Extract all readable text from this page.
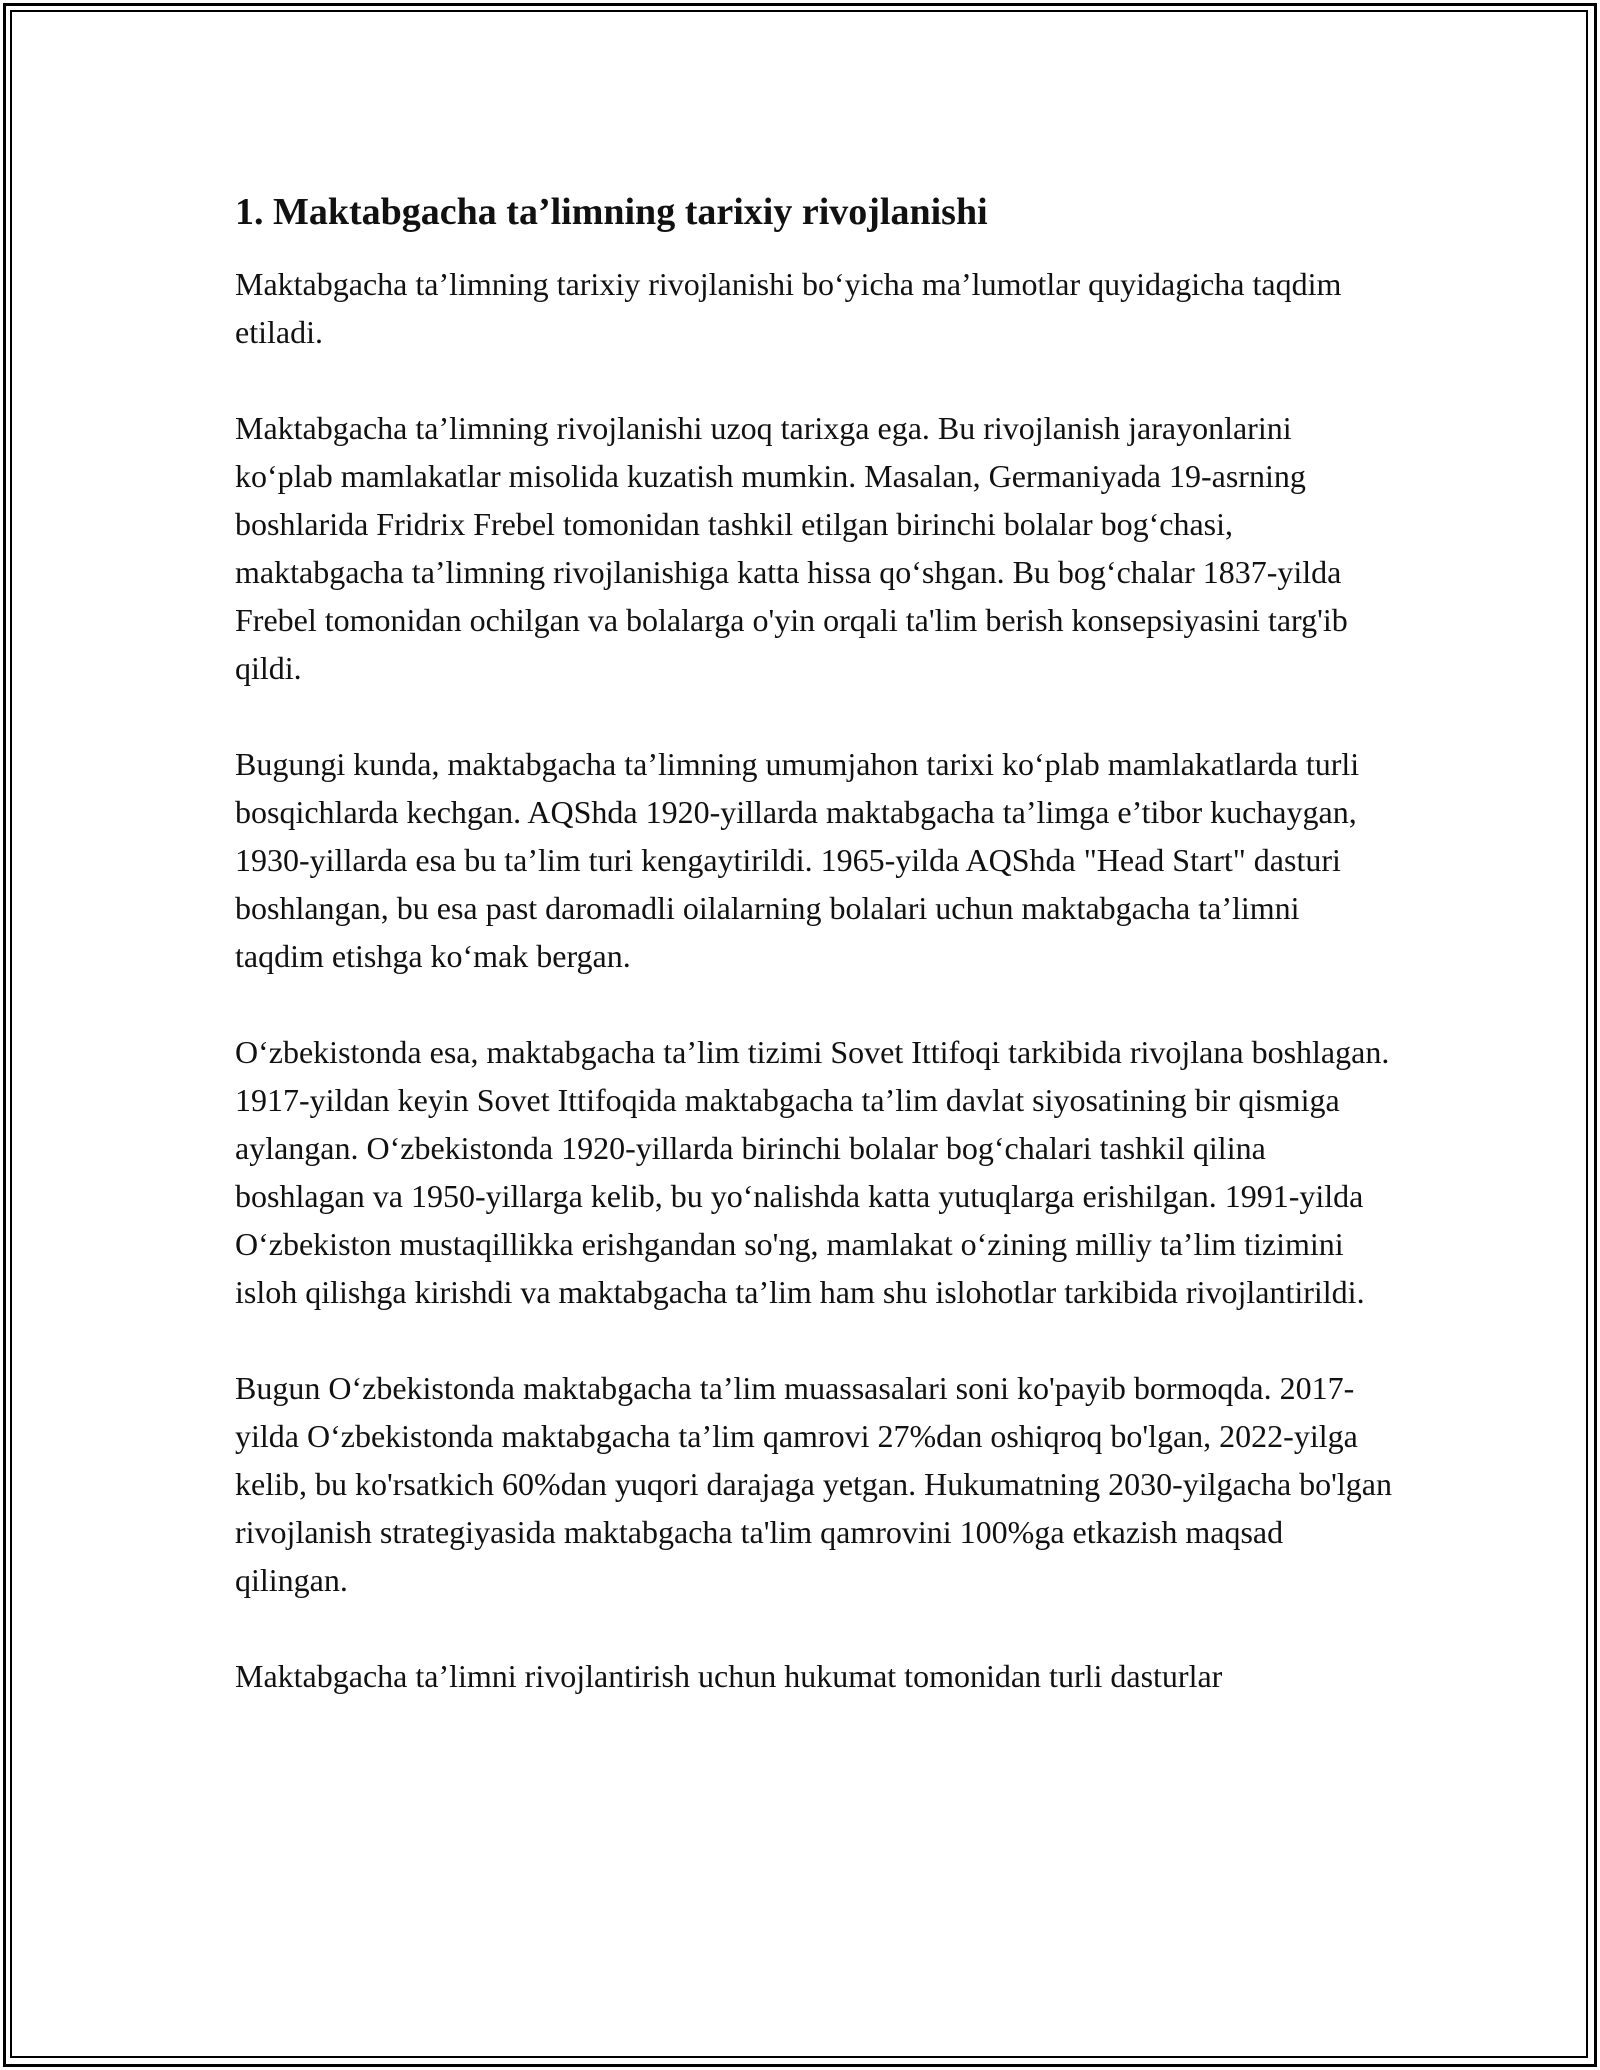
1. Maktabgacha ta’limning tarixiy rivojlanishi

Maktabgacha ta’limning tarixiy rivojlanishi bo‘yicha ma’lumotlar quyidagicha taqdim etiladi.

Maktabgacha ta’limning rivojlanishi uzoq tarixga ega. Bu rivojlanish jarayonlarini ko‘plab mamlakatlar misolida kuzatish mumkin. Masalan, Germaniyada 19-asrning boshlarida Fridrix Frebel tomonidan tashkil etilgan birinchi bolalar bog‘chasi, maktabgacha ta’limning rivojlanishiga katta hissa qo‘shgan. Bu bog‘chalar 1837-yilda Frebel tomonidan ochilgan va bolalarga o'yin orqali ta'lim berish konsepsiyasini targ'ib qildi.

Bugungi kunda, maktabgacha ta’limning umumjahon tarixi ko‘plab mamlakatlarda turli bosqichlarda kechgan. AQShda 1920-yillarda maktabgacha ta’limga e’tibor kuchaygan, 1930-yillarda esa bu ta’lim turi kengaytirildi. 1965-yilda AQShda "Head Start" dasturi boshlangan, bu esa past daromadli oilalarning bolalari uchun maktabgacha ta’limni taqdim etishga ko‘mak bergan.

O‘zbekistonda esa, maktabgacha ta’lim tizimi Sovet Ittifoqi tarkibida rivojlana boshlagan. 1917-yildan keyin Sovet Ittifoqida maktabgacha ta’lim davlat siyosatining bir qismiga aylangan. O‘zbekistonda 1920-yillarda birinchi bolalar bog‘chalari tashkil qilina boshlagan va 1950-yillarga kelib, bu yo‘nalishda katta yutuqlarga erishilgan. 1991-yilda O‘zbekiston mustaqillikka erishgandan so'ng, mamlakat o‘zining milliy ta’lim tizimini isloh qilishga kirishdi va maktabgacha ta’lim ham shu islohotlar tarkibida rivojlantirildi.

Bugun O‘zbekistonda maktabgacha ta’lim muassasalari soni ko'payib bormoqda. 2017-yilda O‘zbekistonda maktabgacha ta’lim qamrovi 27%dan oshiqroq bo'lgan, 2022-yilga kelib, bu ko'rsatkich 60%dan yuqori darajaga yetgan. Hukumatning 2030-yilgacha bo'lgan rivojlanish strategiyasida maktabgacha ta'lim qamrovini 100%ga etkazish maqsad qilingan.

Maktabgacha ta’limni rivojlantirish uchun hukumat tomonidan turli dasturlar
